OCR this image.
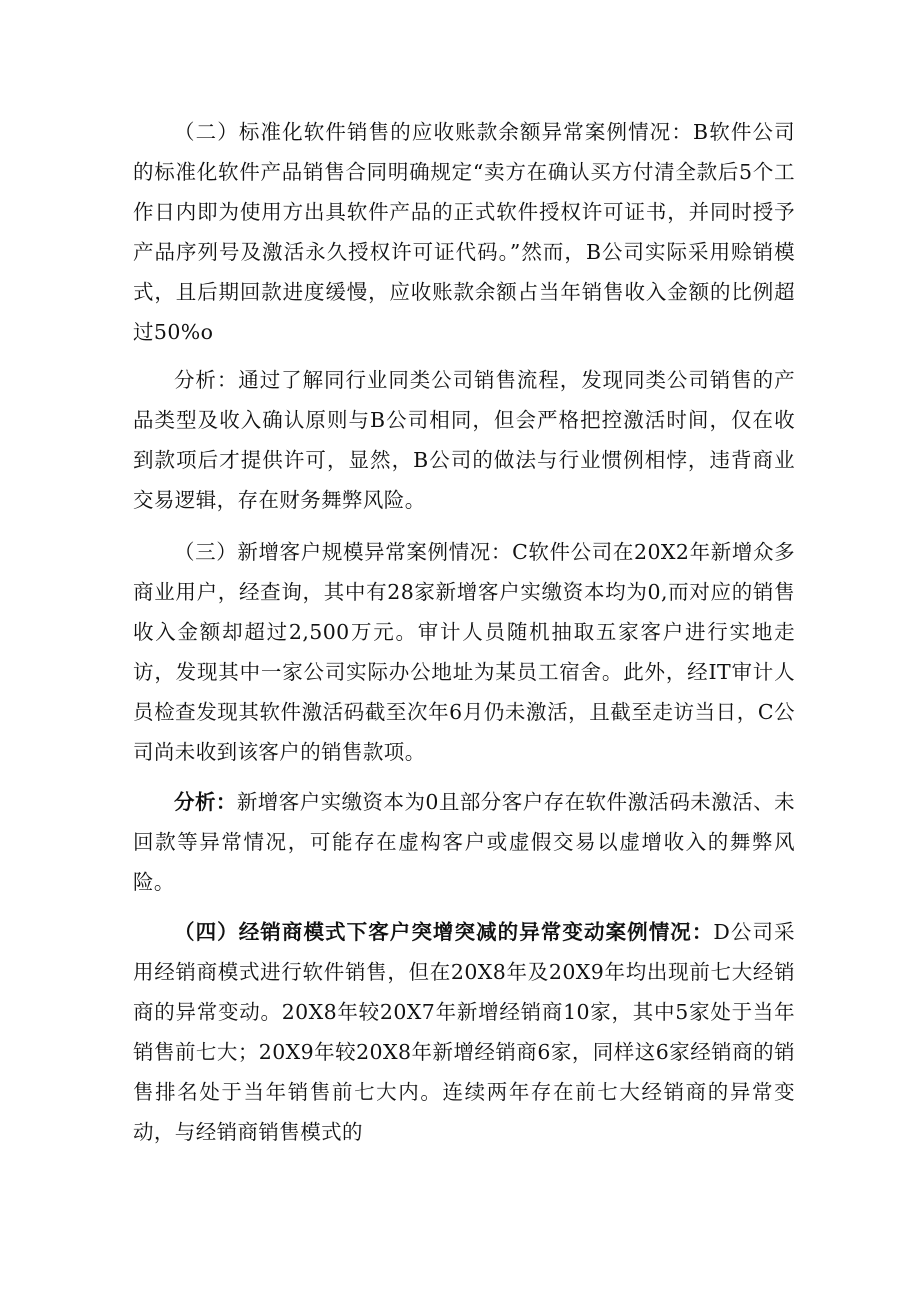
（二）标准化软件销售的应收账款余额异常案例情况：B软件公司的标准化软件产品销售合同明确规定“卖方在确认买方付清全款后5个工作日内即为使用方出具软件产品的正式软件授权许可证书，并同时授予产品序列号及激活永久授权许可证代码。”然而，B公司实际采用赊销模式，且后期回款进度缓慢，应收账款余额占当年销售收入金额的比例超过50%o

分析：通过了解同行业同类公司销售流程，发现同类公司销售的产品类型及收入确认原则与B公司相同，但会严格把控激活时间，仅在收到款项后才提供许可，显然，B公司的做法与行业惯例相悖，违背商业交易逻辑，存在财务舞弊风险。

（三）新增客户规模异常案例情况：C软件公司在20X2年新增众多商业用户，经查询，其中有28家新增客户实缴资本均为0,而对应的销售收入金额却超过2,500万元。审计人员随机抽取五家客户进行实地走访，发现其中一家公司实际办公地址为某员工宿舍。此外，经IT审计人员检查发现其软件激活码截至次年6月仍未激活，且截至走访当日，C公司尚未收到该客户的销售款项。

分析：新增客户实缴资本为0且部分客户存在软件激活码未激活、未回款等异常情况，可能存在虚构客户或虚假交易以虚增收入的舞弊风险。

（四）经销商模式下客户突增突减的异常变动案例情况：D公司采用经销商模式进行软件销售，但在20X8年及20X9年均出现前七大经销商的异常变动。20X8年较20X7年新增经销商10家，其中5家处于当年销售前七大；20X9年较20X8年新增经销商6家，同样这6家经销商的销售排名处于当年销售前七大内。连续两年存在前七大经销商的异常变动，与经销商销售模式的
